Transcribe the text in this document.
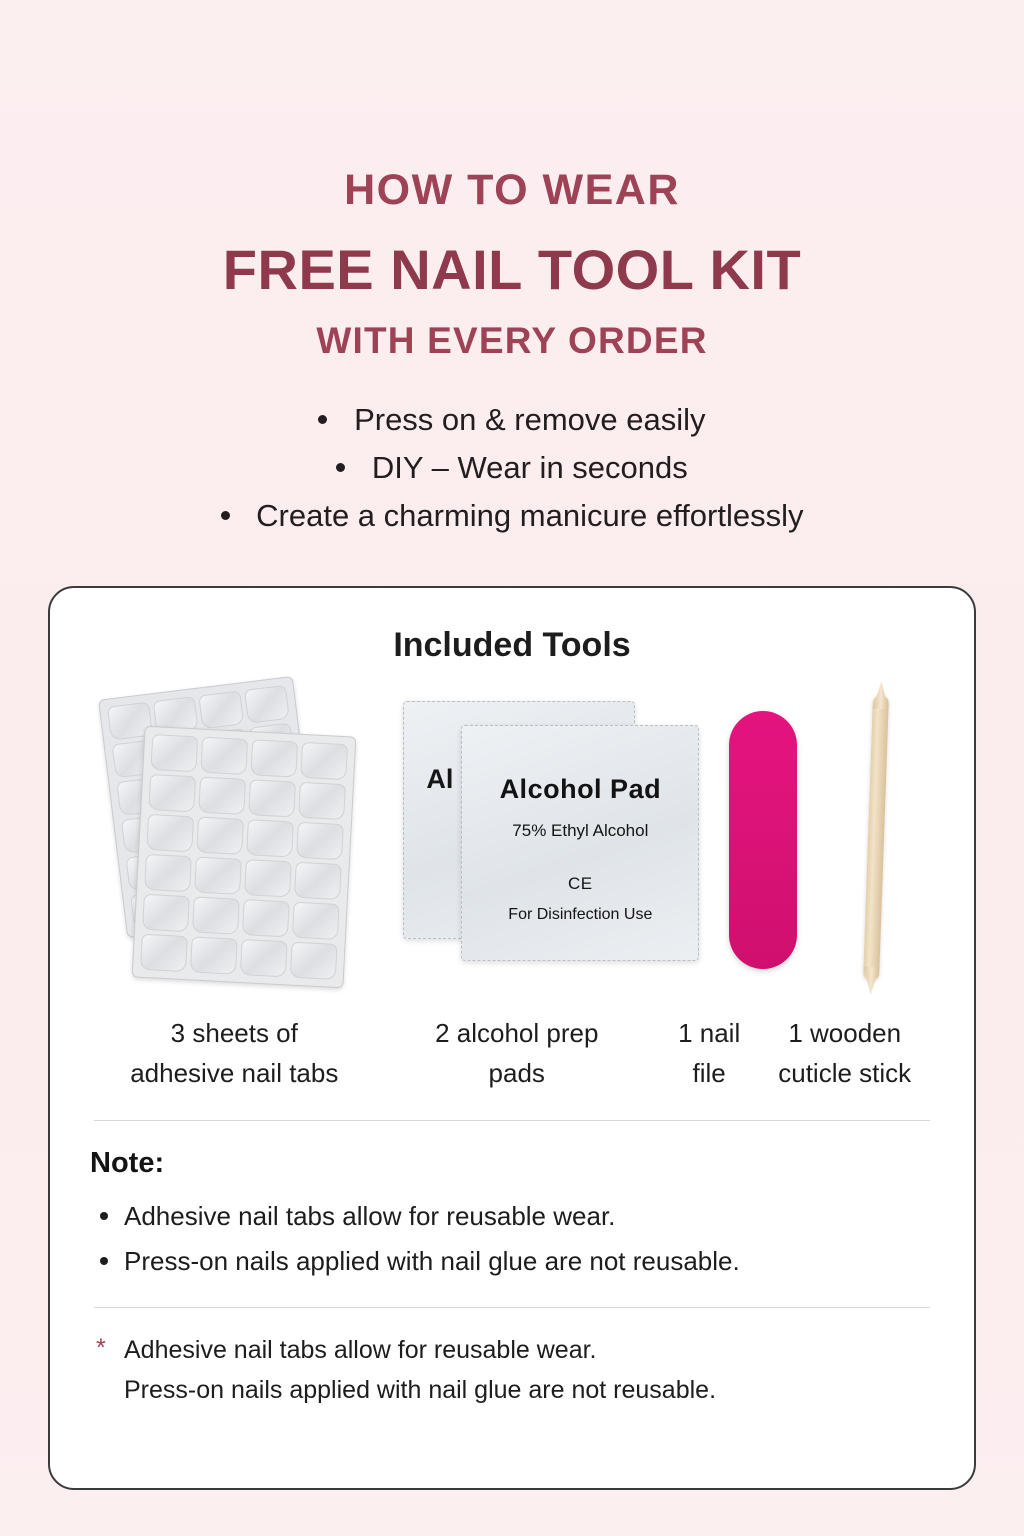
HOW TO WEAR
FREE NAIL TOOL KIT
WITH EVERY ORDER
Press on & remove easily
DIY – Wear in seconds
Create a charming manicure effortlessly
Included Tools
Al	Alcohol Pad
75% Ethyl Alcohol
CE
For Disinfection Use
3 sheets of
adhesive nail tabs
2 alcohol prep
pads
1 nail
file
1 wooden
cuticle stick
Note:
Adhesive nail tabs allow for reusable wear.
Press-on nails applied with nail glue are not reusable.
* Adhesive nail tabs allow for reusable wear.
Press-on nails applied with nail glue are not reusable.
